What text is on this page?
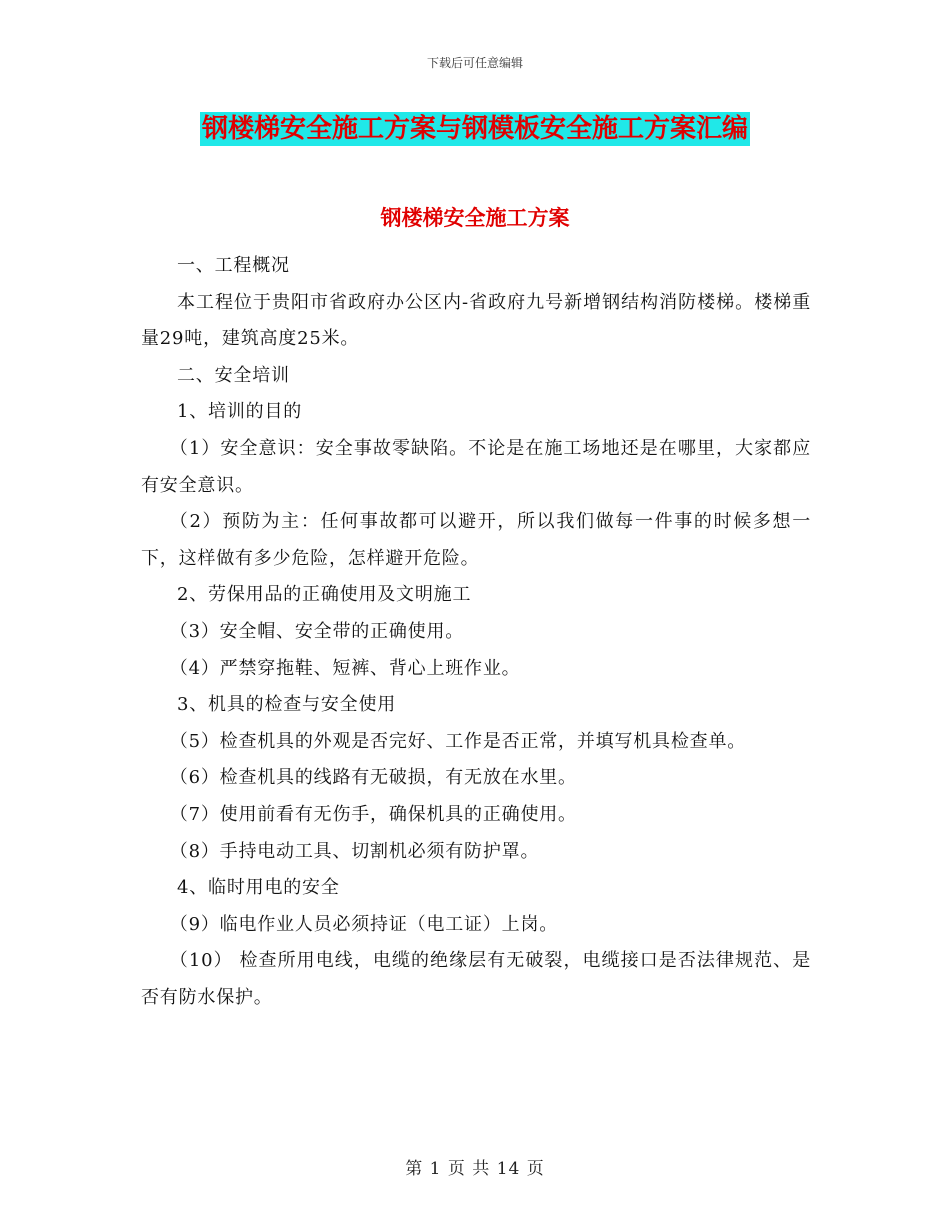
下载后可任意编辑
钢楼梯安全施工方案与钢模板安全施工方案汇编
钢楼梯安全施工方案

一、工程概况

本工程位于贵阳市省政府办公区内-省政府九号新增钢结构消防楼梯。楼梯重量29吨，建筑高度25米。

二、安全培训

1、培训的目的

（1）安全意识：安全事故零缺陷。不论是在施工场地还是在哪里，大家都应有安全意识。

（2）预防为主：任何事故都可以避开，所以我们做每一件事的时候多想一下，这样做有多少危险，怎样避开危险。

2、劳保用品的正确使用及文明施工

（3）安全帽、安全带的正确使用。

（4）严禁穿拖鞋、短裤、背心上班作业。

3、机具的检查与安全使用

（5）检查机具的外观是否完好、工作是否正常，并填写机具检查单。

（6）检查机具的线路有无破损，有无放在水里。

（7）使用前看有无伤手，确保机具的正确使用。

（8）手持电动工具、切割机必须有防护罩。

4、临时用电的安全

（9）临电作业人员必须持证（电工证）上岗。

（10） 检查所用电线，电缆的绝缘层有无破裂，电缆接口是否法律规范、是否有防水保护。

第 1 页 共 14 页
